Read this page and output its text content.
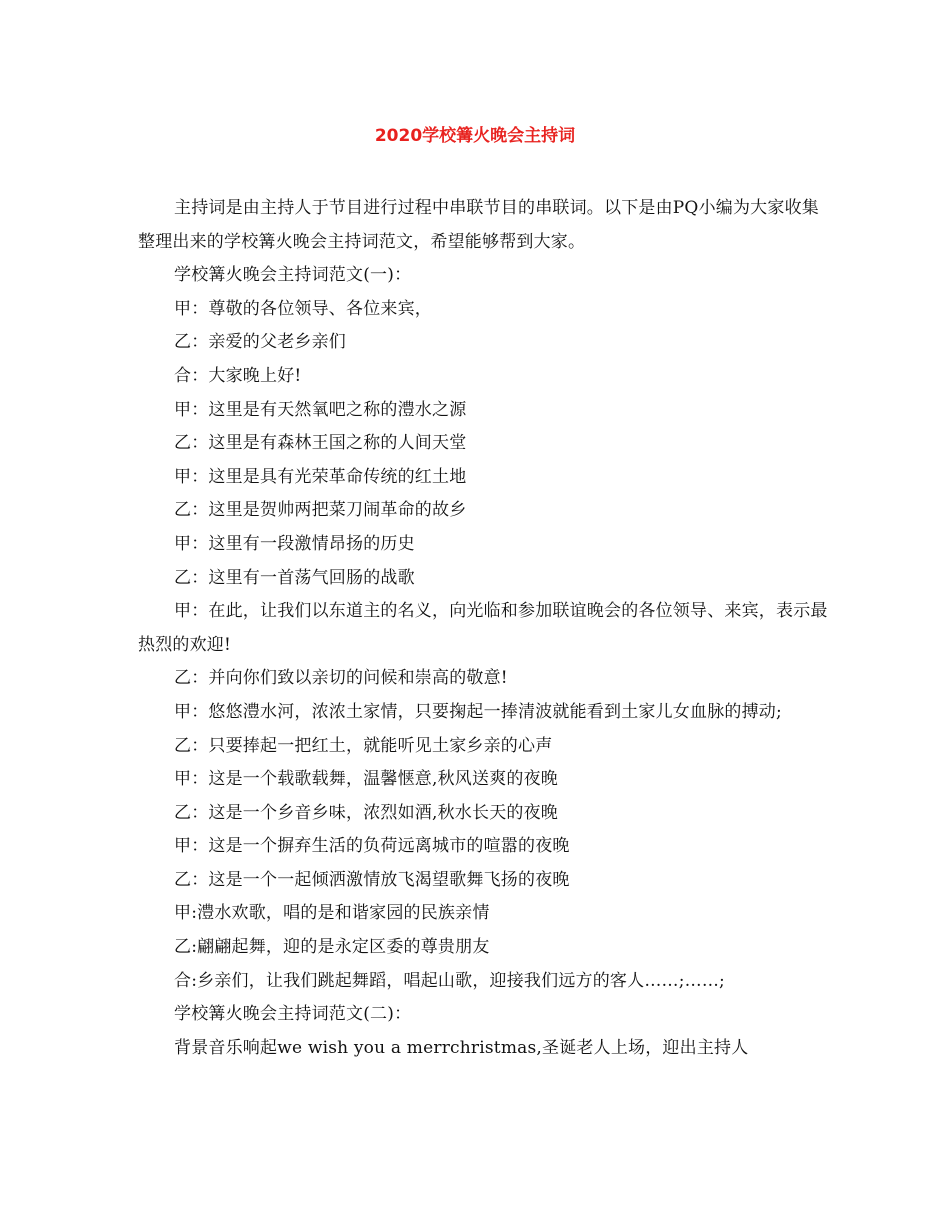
2020学校篝火晚会主持词

主持词是由主持人于节目进行过程中串联节目的串联词。以下是由PQ小编为大家收集整理出来的学校篝火晚会主持词范文，希望能够帮到大家。

学校篝火晚会主持词范文(一)：

甲：尊敬的各位领导、各位来宾，

乙：亲爱的父老乡亲们

合：大家晚上好!

甲：这里是有天然氧吧之称的澧水之源

乙：这里是有森林王国之称的人间天堂

甲：这里是具有光荣革命传统的红土地

乙：这里是贺帅两把菜刀闹革命的故乡

甲：这里有一段激情昂扬的历史

乙：这里有一首荡气回肠的战歌

甲：在此，让我们以东道主的名义，向光临和参加联谊晚会的各位领导、来宾，表示最热烈的欢迎!

乙：并向你们致以亲切的问候和崇高的敬意!

甲：悠悠澧水河，浓浓土家情，只要掬起一捧清波就能看到土家儿女血脉的搏动;

乙：只要捧起一把红土，就能听见土家乡亲的心声

甲：这是一个载歌载舞，温馨惬意,秋风送爽的夜晚

乙：这是一个乡音乡味，浓烈如酒,秋水长天的夜晚

甲：这是一个摒弃生活的负荷远离城市的喧嚣的夜晚

乙：这是一个一起倾洒激情放飞渴望歌舞飞扬的夜晚

甲:澧水欢歌，唱的是和谐家园的民族亲情

乙:翩翩起舞，迎的是永定区委的尊贵朋友

合:乡亲们，让我们跳起舞蹈，唱起山歌，迎接我们远方的客人……;……;

学校篝火晚会主持词范文(二)：

背景音乐响起we wish you a merrchristmas,圣诞老人上场，迎出主持人
